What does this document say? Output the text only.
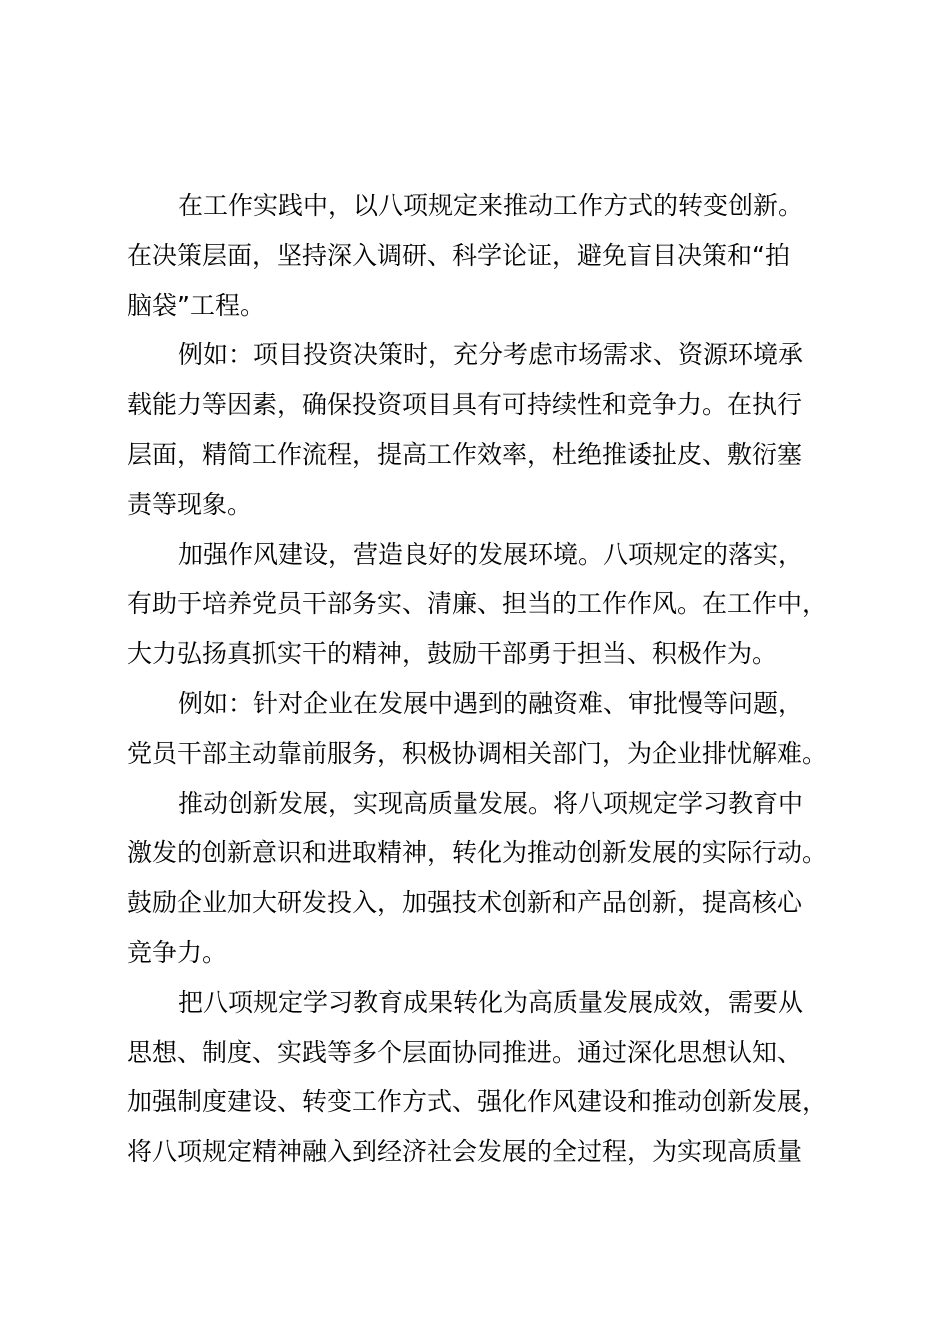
在工作实践中，以八项规定来推动工作方式的转变创新。
在决策层面，坚持深入调研、科学论证，避免盲目决策和“拍
脑袋”工程。

例如：项目投资决策时，充分考虑市场需求、资源环境承
载能力等因素，确保投资项目具有可持续性和竞争力。在执行
层面，精简工作流程，提高工作效率，杜绝推诿扯皮、敷衍塞
责等现象。

加强作风建设，营造良好的发展环境。八项规定的落实，
有助于培养党员干部务实、清廉、担当的工作作风。在工作中，
大力弘扬真抓实干的精神，鼓励干部勇于担当、积极作为。

例如：针对企业在发展中遇到的融资难、审批慢等问题，
党员干部主动靠前服务，积极协调相关部门，为企业排忧解难。

推动创新发展，实现高质量发展。将八项规定学习教育中
激发的创新意识和进取精神，转化为推动创新发展的实际行动。
鼓励企业加大研发投入，加强技术创新和产品创新，提高核心
竞争力。

把八项规定学习教育成果转化为高质量发展成效，需要从
思想、制度、实践等多个层面协同推进。通过深化思想认知、
加强制度建设、转变工作方式、强化作风建设和推动创新发展，
将八项规定精神融入到经济社会发展的全过程，为实现高质量
